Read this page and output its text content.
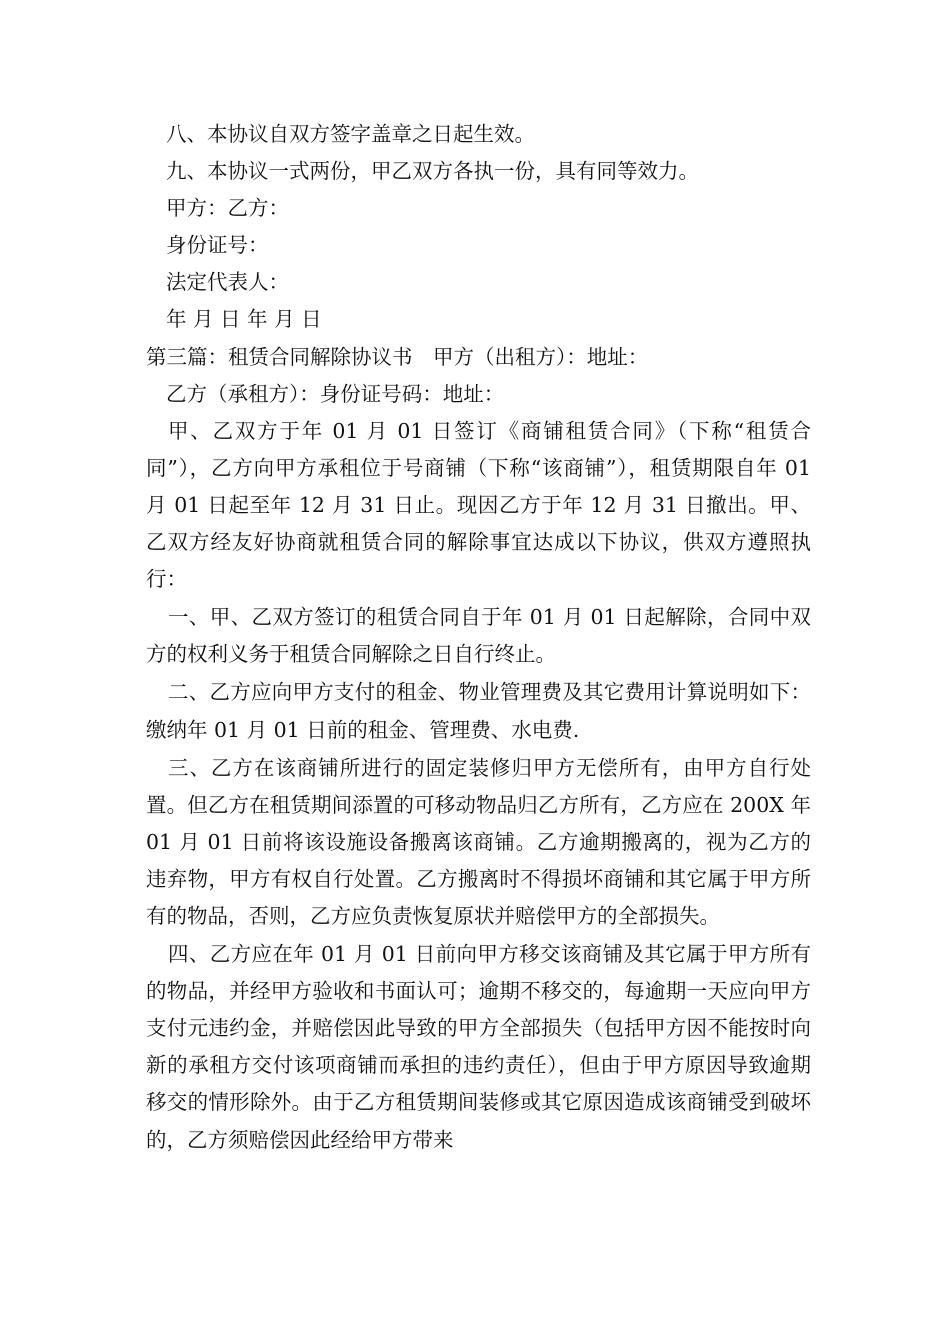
八、本协议自双方签字盖章之日起生效。

九、本协议一式两份，甲乙双方各执一份，具有同等效力。

甲方：乙方：

身份证号：

法定代表人：

年 月 日 年 月 日

第三篇：租赁合同解除协议书　甲方（出租方）：地址：

乙方（承租方）：身份证号码：地址：

甲、乙双方于年 01 月 01 日签订《商铺租赁合同》（下称“租赁合同”），乙方向甲方承租位于号商铺（下称“该商铺”），租赁期限自年 01 月 01 日起至年 12 月 31 日止。现因乙方于年 12 月 31 日撤出。甲、乙双方经友好协商就租赁合同的解除事宜达成以下协议，供双方遵照执行：

一、甲、乙双方签订的租赁合同自于年 01 月 01 日起解除，合同中双方的权利义务于租赁合同解除之日自行终止。

二、乙方应向甲方支付的租金、物业管理费及其它费用计算说明如下：缴纳年 01 月 01 日前的租金、管理费、水电费.

三、乙方在该商铺所进行的固定装修归甲方无偿所有，由甲方自行处置。但乙方在租赁期间添置的可移动物品归乙方所有，乙方应在 200X 年 01 月 01 日前将该设施设备搬离该商铺。乙方逾期搬离的，视为乙方的违弃物，甲方有权自行处置。乙方搬离时不得损坏商铺和其它属于甲方所有的物品，否则，乙方应负责恢复原状并赔偿甲方的全部损失。

四、乙方应在年 01 月 01 日前向甲方移交该商铺及其它属于甲方所有的物品，并经甲方验收和书面认可；逾期不移交的，每逾期一天应向甲方支付元违约金，并赔偿因此导致的甲方全部损失（包括甲方因不能按时向新的承租方交付该项商铺而承担的违约责任），但由于甲方原因导致逾期移交的情形除外。由于乙方租赁期间装修或其它原因造成该商铺受到破坏的，乙方须赔偿因此经给甲方带来
